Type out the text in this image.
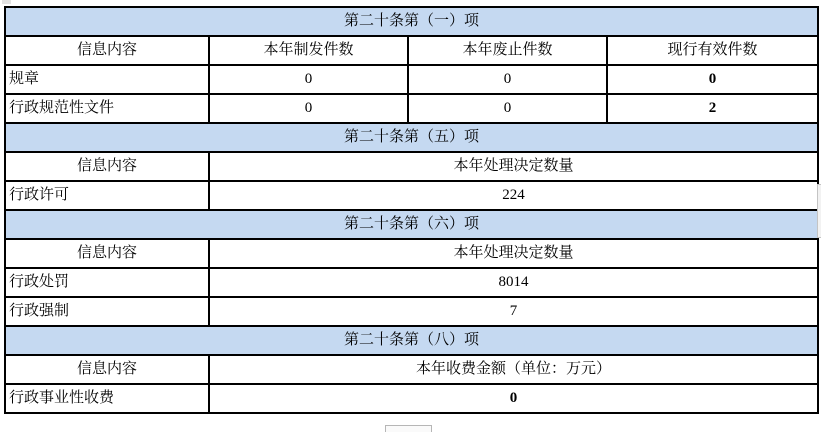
第二十条第（一）项			
信息内容	本年制发件数	本年废止件数	现行有效件数
规章	0	0	0
行政规范性文件	0	0	2
第二十条第（五）项			
信息内容	本年处理决定数量		
行政许可	224		
第二十条第（六）项			
信息内容	本年处理决定数量		
行政处罚	8014		
行政强制	7		
第二十条第（八）项			
信息内容	本年收费金额（单位：万元）		
行政事业性收费	0		
